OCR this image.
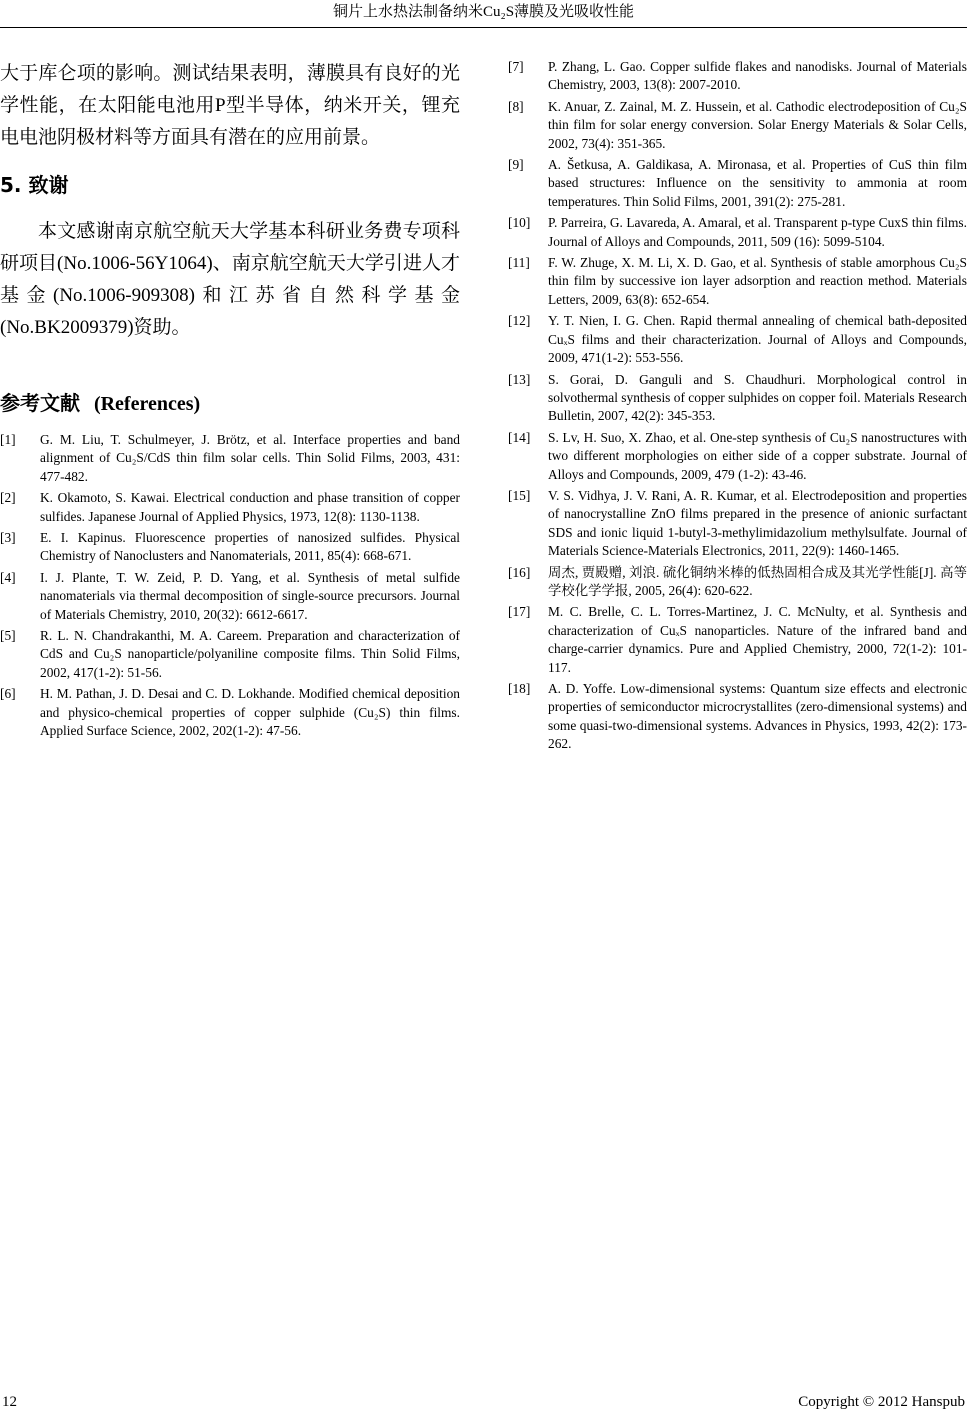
铜片上水热法制备纳米Cu₂S薄膜及光吸收性能

大于库仑项的影响。测试结果表明，薄膜具有良好的光学性能，在太阳能电池用P型半导体，纳米开关，锂充电电池阴极材料等方面具有潜在的应用前景。

5. 致谢

本文感谢南京航空航天大学基本科研业务费专项科研项目(No.1006-56Y1064)、南京航空航天大学引进人才基金(No.1006-909308)和江苏省自然科学基金(No.BK2009379)资助。

参考文献 (References)
[1]	G. M. Liu, T. Schulmeyer, J. Brötz, et al. Interface properties and band alignment of Cu₂S/CdS thin film solar cells. Thin Solid Films, 2003, 431: 477-482.
[2]	K. Okamoto, S. Kawai. Electrical conduction and phase transition of copper sulfides. Japanese Journal of Applied Physics, 1973, 12(8): 1130-1138.
[3]	E. I. Kapinus. Fluorescence properties of nanosized sulfides. Physical Chemistry of Nanoclusters and Nanomaterials, 2011, 85(4): 668-671.
[4]	I. J. Plante, T. W. Zeid, P. D. Yang, et al. Synthesis of metal sulfide nanomaterials via thermal decomposition of single-source precursors. Journal of Materials Chemistry, 2010, 20(32): 6612-6617.
[5]	R. L. N. Chandrakanthi, M. A. Careem. Preparation and characterization of CdS and Cu₂S nanoparticle/polyaniline composite films. Thin Solid Films, 2002, 417(1-2): 51-56.
[6]	H. M. Pathan, J. D. Desai and C. D. Lokhande. Modified chemical deposition and physico-chemical properties of copper sulphide (Cu₂S) thin films. Applied Surface Science, 2002, 202(1-2): 47-56.
[7]	P. Zhang, L. Gao. Copper sulfide flakes and nanodisks. Journal of Materials Chemistry, 2003, 13(8): 2007-2010.
[8]	K. Anuar, Z. Zainal, M. Z. Hussein, et al. Cathodic electrodeposition of Cu₂S thin film for solar energy conversion. Solar Energy Materials & Solar Cells, 2002, 73(4): 351-365.
[9]	A. Šetkusa, A. Galdikasa, A. Mironasa, et al. Properties of CuS thin film based structures: Influence on the sensitivity to ammonia at room temperatures. Thin Solid Films, 2001, 391(2): 275-281.
[10]	P. Parreira, G. Lavareda, A. Amaral, et al. Transparent p-type CuxS thin films. Journal of Alloys and Compounds, 2011, 509 (16): 5099-5104.
[11]	F. W. Zhuge, X. M. Li, X. D. Gao, et al. Synthesis of stable amorphous Cu₂S thin film by successive ion layer adsorption and reaction method. Materials Letters, 2009, 63(8): 652-654.
[12]	Y. T. Nien, I. G. Chen. Rapid thermal annealing of chemical bath-deposited CuₓS films and their characterization. Journal of Alloys and Compounds, 2009, 471(1-2): 553-556.
[13]	S. Gorai, D. Ganguli and S. Chaudhuri. Morphological control in solvothermal synthesis of copper sulphides on copper foil. Materials Research Bulletin, 2007, 42(2): 345-353.
[14]	S. Lv, H. Suo, X. Zhao, et al. One-step synthesis of Cu₂S nanostructures with two different morphologies on either side of a copper substrate. Journal of Alloys and Compounds, 2009, 479 (1-2): 43-46.
[15]	V. S. Vidhya, J. V. Rani, A. R. Kumar, et al. Electrodeposition and properties of nanocrystalline ZnO films prepared in the presence of anionic surfactant SDS and ionic liquid 1-butyl-3-methylimidazolium methylsulfate. Journal of Materials Science-Materials Electronics, 2011, 22(9): 1460-1465.
[16]	周杰, 贾殿赠, 刘浪. 硫化铜纳米棒的低热固相合成及其光学性能[J]. 高等学校化学学报, 2005, 26(4): 620-622.
[17]	M. C. Brelle, C. L. Torres-Martinez, J. C. McNulty, et al. Synthesis and characterization of CuₓS nanoparticles. Nature of the infrared band and charge-carrier dynamics. Pure and Applied Chemistry, 2000, 72(1-2): 101-117.
[18]	A. D. Yoffe. Low-dimensional systems: Quantum size effects and electronic properties of semiconductor microcrystallites (zero-dimensional systems) and some quasi-two-dimensional systems. Advances in Physics, 1993, 42(2): 173-262.
12	Copyright © 2012 Hanspub
